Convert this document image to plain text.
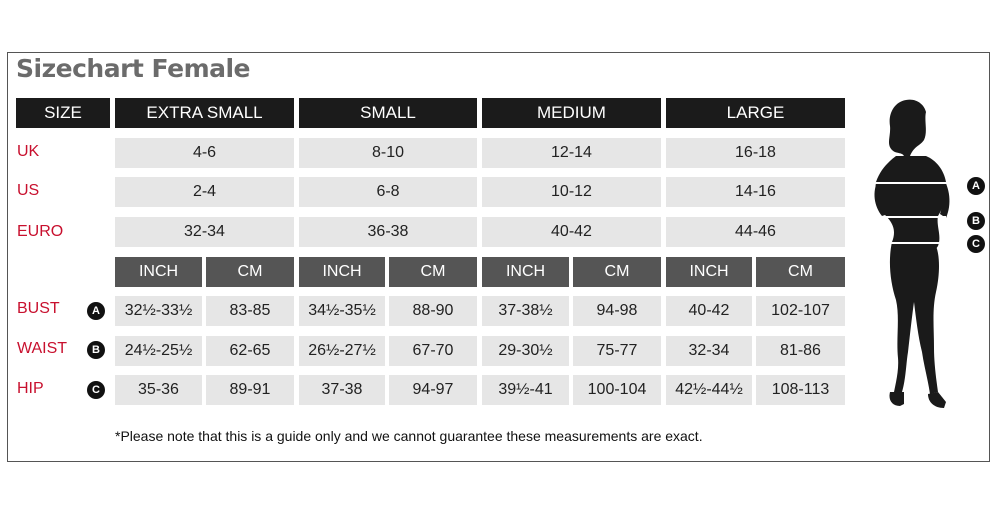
Sizechart Female
SIZE	EXTRA SMALL	SMALL	MEDIUM	LARGE
UK	4-6	8-10	12-14	16-18
US	2-4	6-8	10-12	14-16
EURO	32-34	36-38	40-42	44-46
INCH	CM	INCH	CM	INCH	CM	INCH	CM
BUST	A	32½-33½	83-85	34½-35½	88-90	37-38½	94-98	40-42	102-107
WAIST	B	24½-25½	62-65	26½-27½	67-70	29-30½	75-77	32-34	81-86
HIP	C	35-36	89-91	37-38	94-97	39½-41	100-104	42½-44½	108-113
*Please note that this is a guide only and we cannot guarantee these measurements are exact.
A
B
C
